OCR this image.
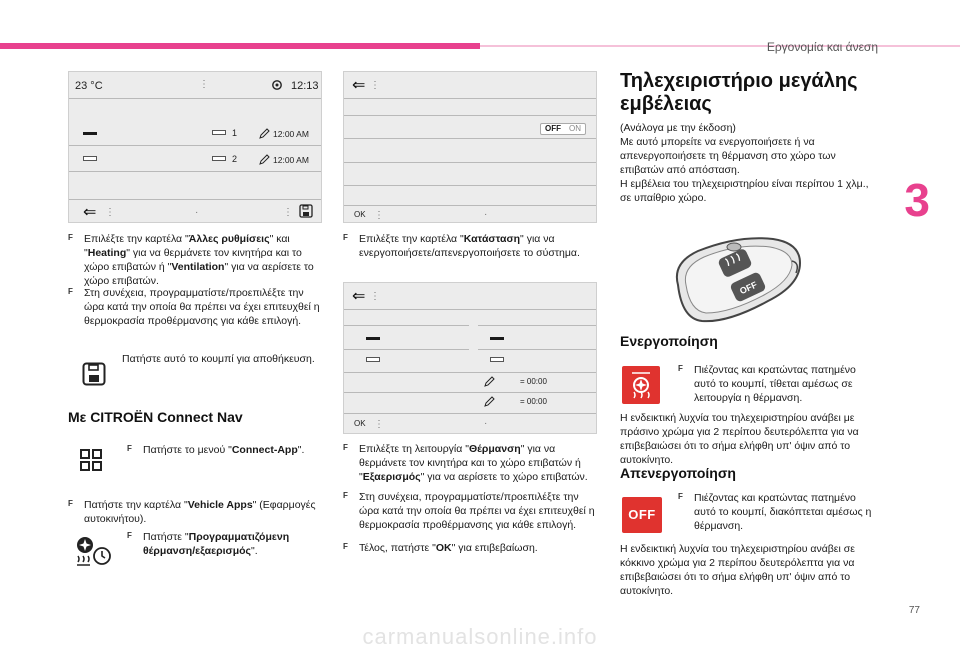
Εργονομία και άνεση
3
23 °C	⋮	12:13
1	12:00 AM
2	12:00 AM
⇐ ⋮	·	⋮
⇐ ⋮
OFF	ON
OK ⋮	·
⇐ ⋮
= 00:00
= 00:00
OK ⋮	·
F Επιλέξτε την καρτέλα "Άλλες ρυθμίσεις" και "Heating" για να θερμάνετε τον κινητήρα και το χώρο επιβατών ή "Ventilation" για να αερίσετε το χώρο επιβατών.
F Στη συνέχεια, προγραμματίστε/προεπιλέξτε την ώρα κατά την οποία θα πρέπει να έχει επιτευχθεί η θερμοκρασία προθέρμανσης για κάθε επιλογή.
Πατήστε αυτό το κουμπί για αποθήκευση.
Με CITROËN Connect Nav
F Πατήστε το μενού "Connect-App".
F Πατήστε την καρτέλα "Vehicle Apps" (Εφαρμογές αυτοκινήτου).
F Πατήστε "Προγραμματιζόμενη θέρμανση/εξαερισμός".
F Επιλέξτε την καρτέλα "Κατάσταση" για να ενεργοποιήσετε/απενεργοποιήσετε το σύστημα.
F Επιλέξτε τη λειτουργία "Θέρμανση" για να θερμάνετε τον κινητήρα και το χώρο επιβατών ή "Εξαερισμός" για να αερίσετε το χώρο επιβατών.
F Στη συνέχεια, προγραμματίστε/προεπιλέξτε την ώρα κατά την οποία θα πρέπει να έχει επιτευχθεί η θερμοκρασία προθέρμανσης για κάθε επιλογή.
F Τέλος, πατήστε "OK" για επιβεβαίωση.
Τηλεχειριστήριο μεγάλης εμβέλειας
(Ανάλογα με την έκδοση)
Με αυτό μπορείτε να ενεργοποιήσετε ή να απενεργοποιήσετε τη θέρμανση στο χώρο των επιβατών από απόσταση.
Η εμβέλεια του τηλεχειριστηρίου είναι περίπου 1 χλμ., σε υπαίθριο χώρο.
OFF
Ενεργοποίηση
F Πιέζοντας και κρατώντας πατημένο αυτό το κουμπί, τίθεται αμέσως σε λειτουργία η θέρμανση.
Η ενδεικτική λυχνία του τηλεχειριστηρίου ανάβει με πράσινο χρώμα για 2 περίπου δευτερόλεπτα για να επιβεβαιώσει ότι το σήμα ελήφθη υπ' όψιν από το αυτοκίνητο.
Απενεργοποίηση
OFF
F Πιέζοντας και κρατώντας πατημένο αυτό το κουμπί, διακόπτεται αμέσως η θέρμανση.
Η ενδεικτική λυχνία του τηλεχειριστηρίου ανάβει σε κόκκινο χρώμα για 2 περίπου δευτερόλεπτα για να επιβεβαιώσει ότι το σήμα ελήφθη υπ' όψιν από το αυτοκίνητο.
77
carmanualsonline.info
